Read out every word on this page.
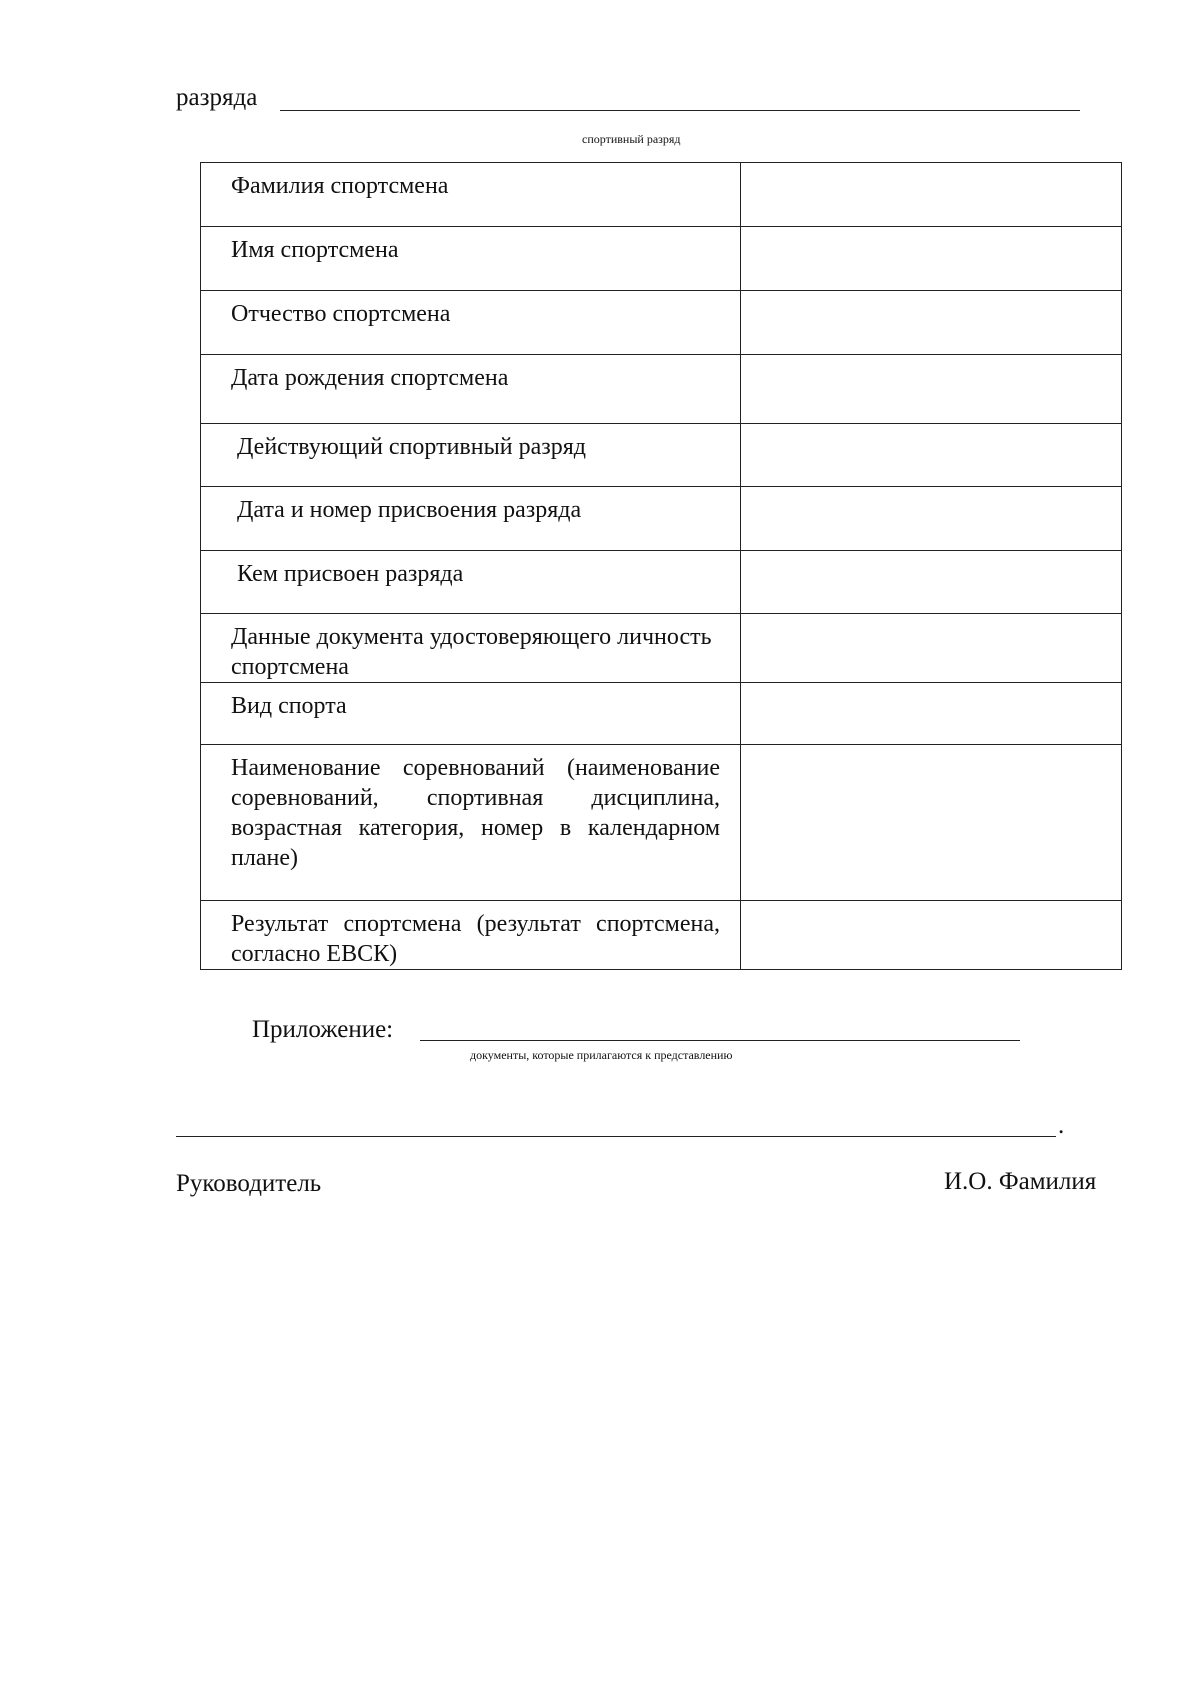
разряда
спортивный разряд
Фамилия спортсмена	
Имя спортсмена	
Отчество спортсмена	
Дата рождения спортсмена	
Действующий спортивный разряд	
Дата и номер присвоения разряда	
Кем присвоен разряда	
Данные документа удостоверяющего личность спортсмена	
Вид спорта	
Наименование соревнований (наименование соревнований, спортивная дисциплина, возрастная категория, номер в календарном плане)	
Результат спортсмена (результат спортсмена, согласно ЕВСК)	
Приложение:
документы, которые прилагаются к представлению
.
Руководитель	И.О. Фамилия
